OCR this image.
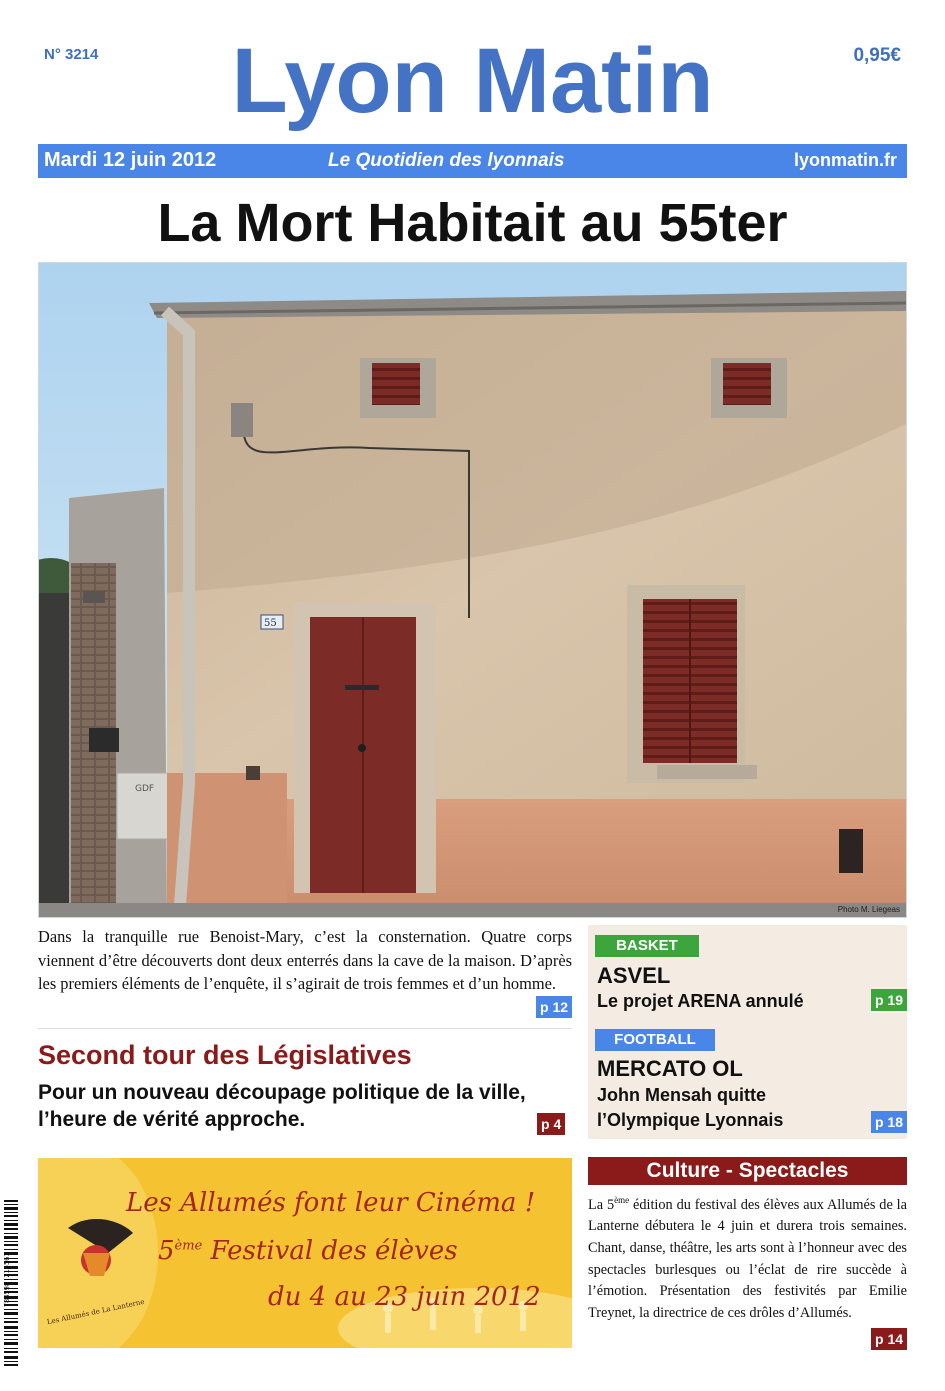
N° 3214	Lyon Matin	0,95€
Mardi 12 juin 2012	Le Quotidien des lyonnais	lyonmatin.fr
La Mort Habitait au 55ter
GDF
55
Photo M. Liegeas
Dans la tranquille rue Benoist-Mary, c’est la consternation. Quatre corps viennent d’être découverts dont deux enterrés dans la cave de la maison. D’après les premiers éléments de l’enquête, il s’agirait de trois femmes et d’un homme.
p 12
Second tour des Législatives
Pour un nouveau découpage politique de la ville, l’heure de vérité approche.	p 4
BASKET
ASVEL
Le projet ARENA annulé	p 19
FOOTBALL
MERCATO OL
John Mensah quitte
l’Olympique Lyonnais	p 18
Culture - Spectacles
La 5ème édition du festival des élèves aux Allumés de la Lanterne débutera le 4 juin et durera trois semaines. Chant, danse, théâtre, les arts sont à l’honneur avec des spectacles burlesques ou l’éclat de rire succède à l’émotion. Présentation des festivités par Emilie Treynet, la directrice de ces drôles d’Allumés.
p 14
Les Allumés font leur Cinéma !
5ème Festival des élèves
du 4 au 23 juin 2012
Les Allumés de La Lanterne
3 784598 215561
